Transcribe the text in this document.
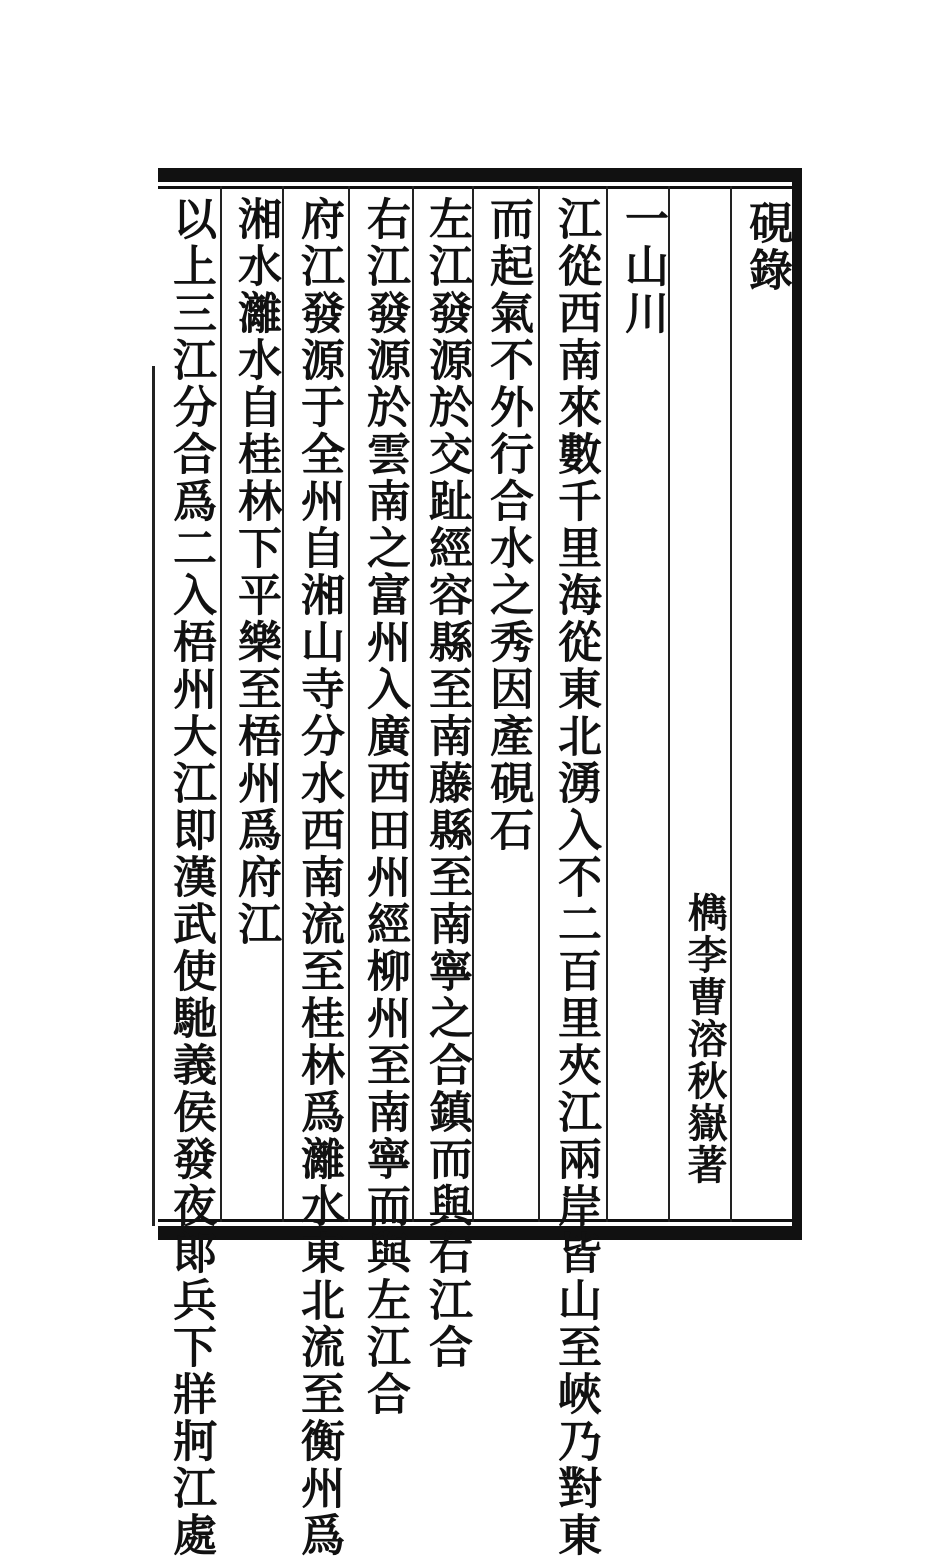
硯錄
檇李曹溶秋嶽著
一山川
江從西南來數千里海從東北湧入不二百里夾江兩岸皆山至峽乃對東
而起氣不外行合水之秀因產硯石
左江發源於交趾經容縣至南藤縣至南寧之合鎮而與右江合
右江發源於雲南之富州入廣西田州經柳州至南寧而與左江合
府江發源于全州自湘山寺分水西南流至桂林爲灕水東北流至衡州爲
湘水灕水自桂林下平樂至梧州爲府江
以上三江分合爲二入梧州大江即漢武使馳義侯發夜郞兵下牂牁江處
